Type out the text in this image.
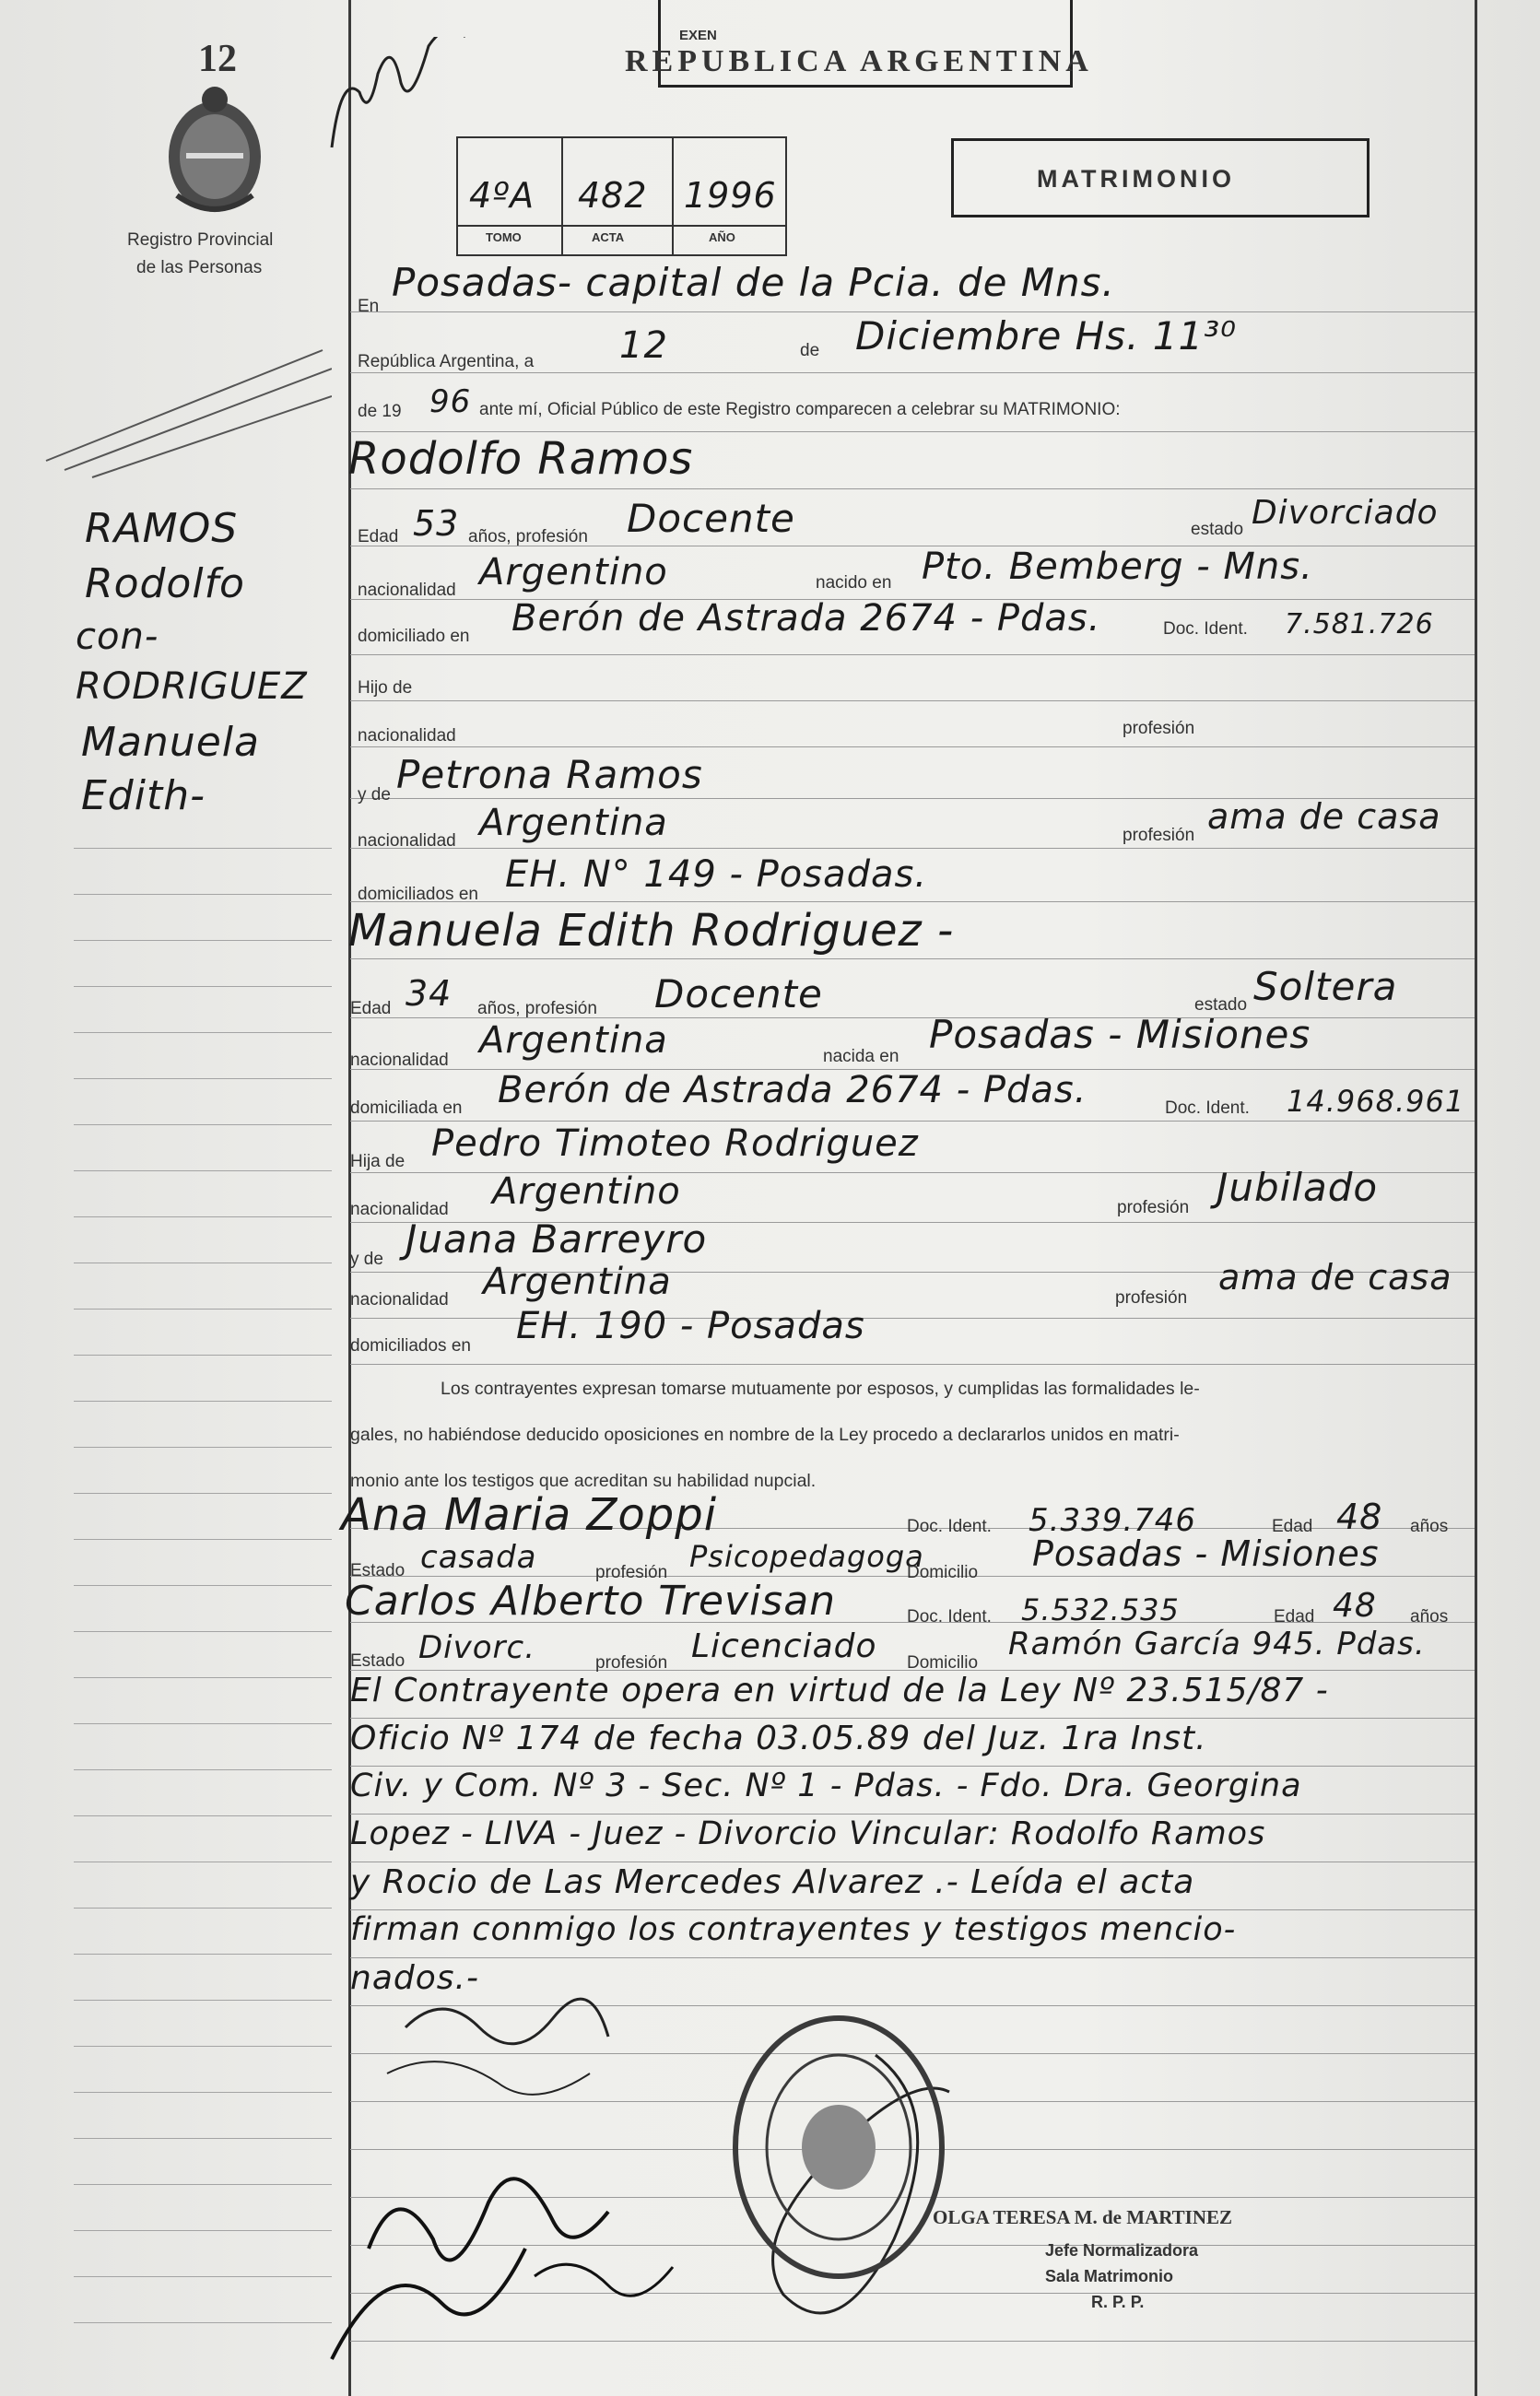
EXEN
12
Registro Provincial
de las Personas
REPUBLICA ARGENTINA
4ºA 482 1996
TOMO	ACTA	AÑO
MATRIMONIO
RAMOS
Rodolfo
con-
RODRIGUEZ
Manuela
Edith-
En
Posadas- capital de la Pcia. de Mns.
República Argentina, a 12	de Diciembre Hs. 11³⁰
de 19 96 ante mí, Oficial Público de este Registro comparecen a celebrar su MATRIMONIO:
Rodolfo Ramos
Edad 53 años, profesión Docente	estado Divorciado
nacionalidad Argentino	nacido en Pto. Bemberg - Mns.
domiciliado en Berón de Astrada 2674 - Pdas.	Doc. Ident. 7.581.726
Hijo de
nacionalidad	profesión
y de Petrona Ramos
nacionalidad Argentina	profesión ama de casa
domiciliados en EH. N° 149 - Posadas.
Manuela Edith Rodriguez -
Edad 34 años, profesión Docente	estado Soltera
nacionalidad Argentina	nacida en Posadas - Misiones
domiciliada en Berón de Astrada 2674 - Pdas.	Doc. Ident. 14.968.961
Hija de Pedro Timoteo Rodriguez
nacionalidad Argentino	profesión Jubilado
y de Juana Barreyro
nacionalidad Argentina	profesión
ama de casa
domiciliados en EH. 190 - Posadas
Los contrayentes expresan tomarse mutuamente por esposos, y cumplidas las formalidades le-
gales, no habiéndose deducido oposiciones en nombre de la Ley procedo a declararlos unidos en matri-
monio ante los testigos que acreditan su habilidad nupcial.
Ana Maria Zoppi	Doc. Ident. 5.339.746	Edad 48 años
Estado casada	profesión Psicopedagoga
Domicilio Posadas - Misiones
Carlos Alberto Trevisan	Doc. Ident. 5.532.535	Edad 48 años
Estado Divorc.	profesión Licenciado Domicilio
Ramón García 945. Pdas.
El Contrayente opera en virtud de la Ley Nº 23.515/87 -
Oficio Nº 174 de fecha 03.05.89 del Juz. 1ra Inst.
Civ. y Com. Nº 3 - Sec. Nº 1 - Pdas. - Fdo. Dra. Georgina
Lopez - LIVA - Juez - Divorcio Vincular: Rodolfo Ramos
y Rocio de Las Mercedes Alvarez .- Leída el acta
firman conmigo los contrayentes y testigos mencio-
nados.-
OLGA TERESA M. de MARTINEZ
Jefe Normalizadora
Sala Matrimonio
R. P. P.
